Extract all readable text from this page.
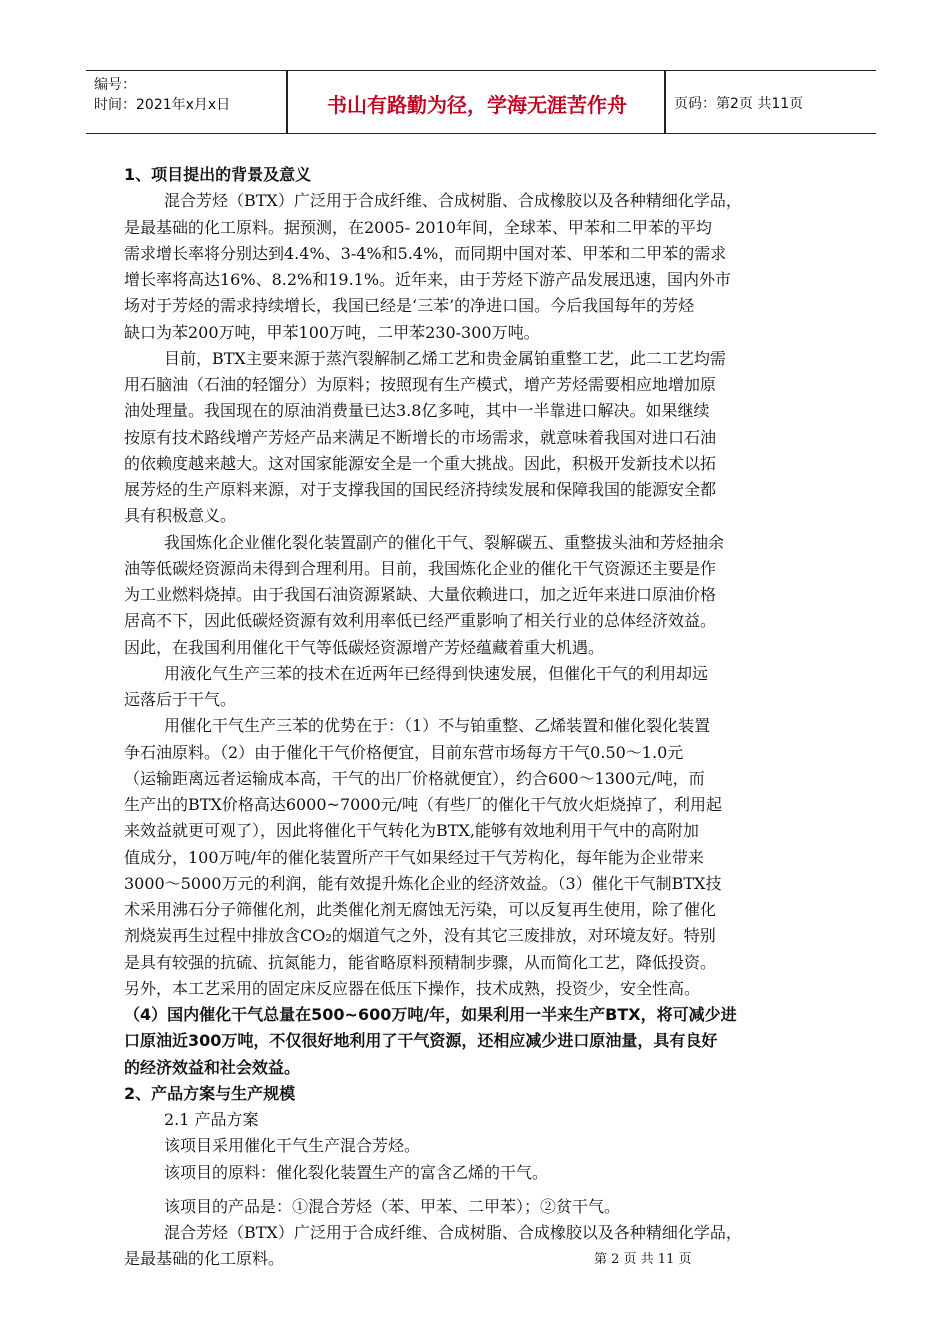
编号：
时间：2021年x月x日	书山有路勤为径，学海无涯苦作舟	页码：第2页 共11页
1、项目提出的背景及意义
混合芳烃（BTX）广泛用于合成纤维、合成树脂、合成橡胶以及各种精细化学品，
是最基础的化工原料。据预测，在2005- 2010年间，全球苯、甲苯和二甲苯的平均
需求增长率将分别达到4.4%、3-4%和5.4%，而同期中国对苯、甲苯和二甲苯的需求
增长率将高达16%、8.2%和19.1%。近年来，由于芳烃下游产品发展迅速，国内外市
场对于芳烃的需求持续增长，我国已经是‘三苯’的净进口国。今后我国每年的芳烃
缺口为苯200万吨，甲苯100万吨，二甲苯230-300万吨。
目前，BTX主要来源于蒸汽裂解制乙烯工艺和贵金属铂重整工艺，此二工艺均需
用石脑油（石油的轻馏分）为原料；按照现有生产模式，增产芳烃需要相应地增加原
油处理量。我国现在的原油消费量已达3.8亿多吨，其中一半靠进口解决。如果继续
按原有技术路线增产芳烃产品来满足不断增长的市场需求，就意味着我国对进口石油
的依赖度越来越大。这对国家能源安全是一个重大挑战。因此，积极开发新技术以拓
展芳烃的生产原料来源，对于支撑我国的国民经济持续发展和保障我国的能源安全都
具有积极意义。
我国炼化企业催化裂化装置副产的催化干气、裂解碳五、重整拔头油和芳烃抽余
油等低碳烃资源尚未得到合理利用。目前，我国炼化企业的催化干气资源还主要是作
为工业燃料烧掉。由于我国石油资源紧缺、大量依赖进口，加之近年来进口原油价格
居高不下，因此低碳烃资源有效利用率低已经严重影响了相关行业的总体经济效益。
因此，在我国利用催化干气等低碳烃资源增产芳烃蕴藏着重大机遇。
用液化气生产三苯的技术在近两年已经得到快速发展，但催化干气的利用却远
远落后于干气。
用催化干气生产三苯的优势在于：（1）不与铂重整、乙烯装置和催化裂化装置
争石油原料。（2）由于催化干气价格便宜，目前东营市场每方干气0.50～1.0元
（运输距离远者运输成本高，干气的出厂价格就便宜），约合600～1300元/吨，而
生产出的BTX价格高达6000~7000元/吨（有些厂的催化干气放火炬烧掉了，利用起
来效益就更可观了），因此将催化干气转化为BTX,能够有效地利用干气中的高附加
值成分，100万吨/年的催化装置所产干气如果经过干气芳构化，每年能为企业带来
3000～5000万元的利润，能有效提升炼化企业的经济效益。（3）催化干气制BTX技
术采用沸石分子筛催化剂，此类催化剂无腐蚀无污染，可以反复再生使用，除了催化
剂烧炭再生过程中排放含CO₂的烟道气之外，没有其它三废排放，对环境友好。特别
是具有较强的抗硫、抗氮能力，能省略原料预精制步骤，从而简化工艺，降低投资。
另外，本工艺采用的固定床反应器在低压下操作，技术成熟，投资少，安全性高。
（4）国内催化干气总量在500~600万吨/年，如果利用一半来生产BTX，将可减少进
口原油近300万吨，不仅很好地利用了干气资源，还相应减少进口原油量，具有良好
的经济效益和社会效益。
2、产品方案与生产规模
2.1 产品方案
该项目采用催化干气生产混合芳烃。
该项目的原料：催化裂化装置生产的富含乙烯的干气。
该项目的产品是：①混合芳烃（苯、甲苯、二甲苯）；②贫干气。
混合芳烃（BTX）广泛用于合成纤维、合成树脂、合成橡胶以及各种精细化学品，
是最基础的化工原料。	第 2 页 共 11 页
